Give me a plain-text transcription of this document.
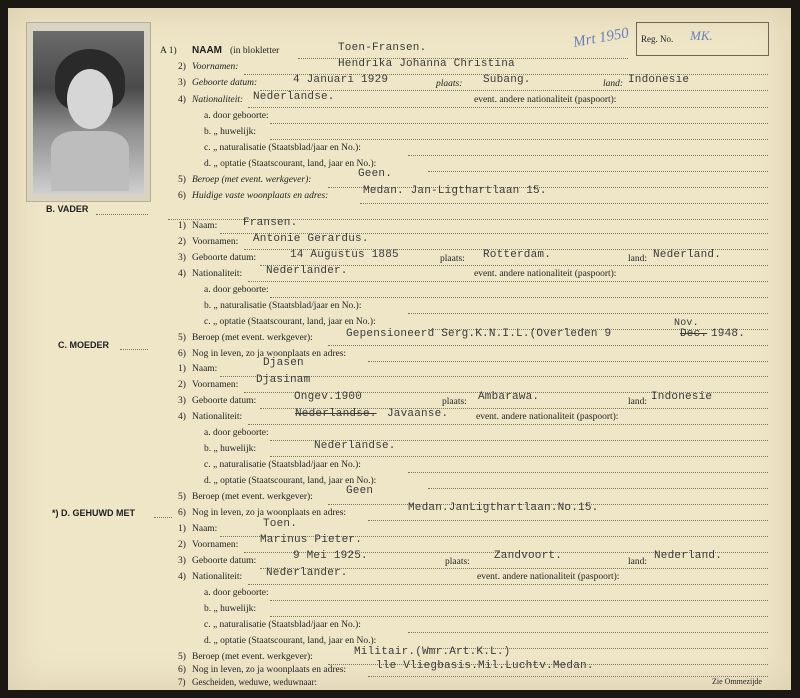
Reg. No. MK.
Mrt 1950
A 1) NAAM (in blokletter	Toen-Fransen.
2) Voornamen:	Hendrika Johanna Christina
3) Geboorte datum:	4 Januari 1929	plaats: Subang.	land: Indonesie
4) Nationaliteit: Nederlandse.	event. andere nationaliteit (paspoort):
a. door geboorte:
b. „ huwelijk:
c. „ naturalisatie (Staatsblad/jaar en No.):
d. „ optatie (Staatscourant, land, jaar en No.):
5) Beroep (met event. werkgever):	Geen.
6) Huidige vaste woonplaats en adres:	Medan. Jan-Ligthartlaan 15.
B. VADER
1) Naam: Fransen.
2) Voornamen: Antonie Gerardus.
3) Geboorte datum:	14 Augustus 1885	plaats: Rotterdam.	land: Nederland.
4) Nationaliteit: Nederlander.	event. andere nationaliteit (paspoort):
a. door geboorte:
b. „ naturalisatie (Staatsblad/jaar en No.):
c. „ optatie (Staatscourant, land, jaar en No.):
5) Beroep (met event. werkgever):	Gepensioneerd Serg.K.N.I.L.(Overleden 9
Nov.
Dec. 1948.
6) Nog in leven, zo ja woonplaats en adres:
C. MOEDER
1) Naam:	Djasen
2) Voornamen: Djasinam
3) Geboorte datum:	Ongev.1900	plaats: Ambarawa.	land: Indonesie
4) Nationaliteit:	Nederlandse. Javaanse.	event. andere nationaliteit (paspoort):
a. door geboorte:
b. „ huwelijk:	Nederlandse.
c. „ naturalisatie (Staatsblad/jaar en No.):
d. „ optatie (Staatscourant, land, jaar en No.):
5) Beroep (met event. werkgever):	Geen
6) Nog in leven, zo ja woonplaats en adres:	Medan.JanLigthartlaan.No.15.
*) D. GEHUWD MET
1) Naam:	Toen.
2) Voornamen: Marinus Pieter.
3) Geboorte datum:	9 Mei 1925.	plaats: Zandvoort.	land: Nederland.
4) Nationaliteit: Nederlander.	event. andere nationaliteit (paspoort):
a. door geboorte:
b. „ huwelijk:
c. „ naturalisatie (Staatsblad/jaar en No.):
d. „ optatie (Staatscourant, land, jaar en No.):
5) Beroep (met event. werkgever):	Militair.(Wmr.Art.K.L.)
6) Nog in leven, zo ja woonplaats en adres:	lle Vliegbasis.Mil.Luchtv.Medan.
7) Gescheiden, weduwe, weduwnaar:	Zie Ommezijde
